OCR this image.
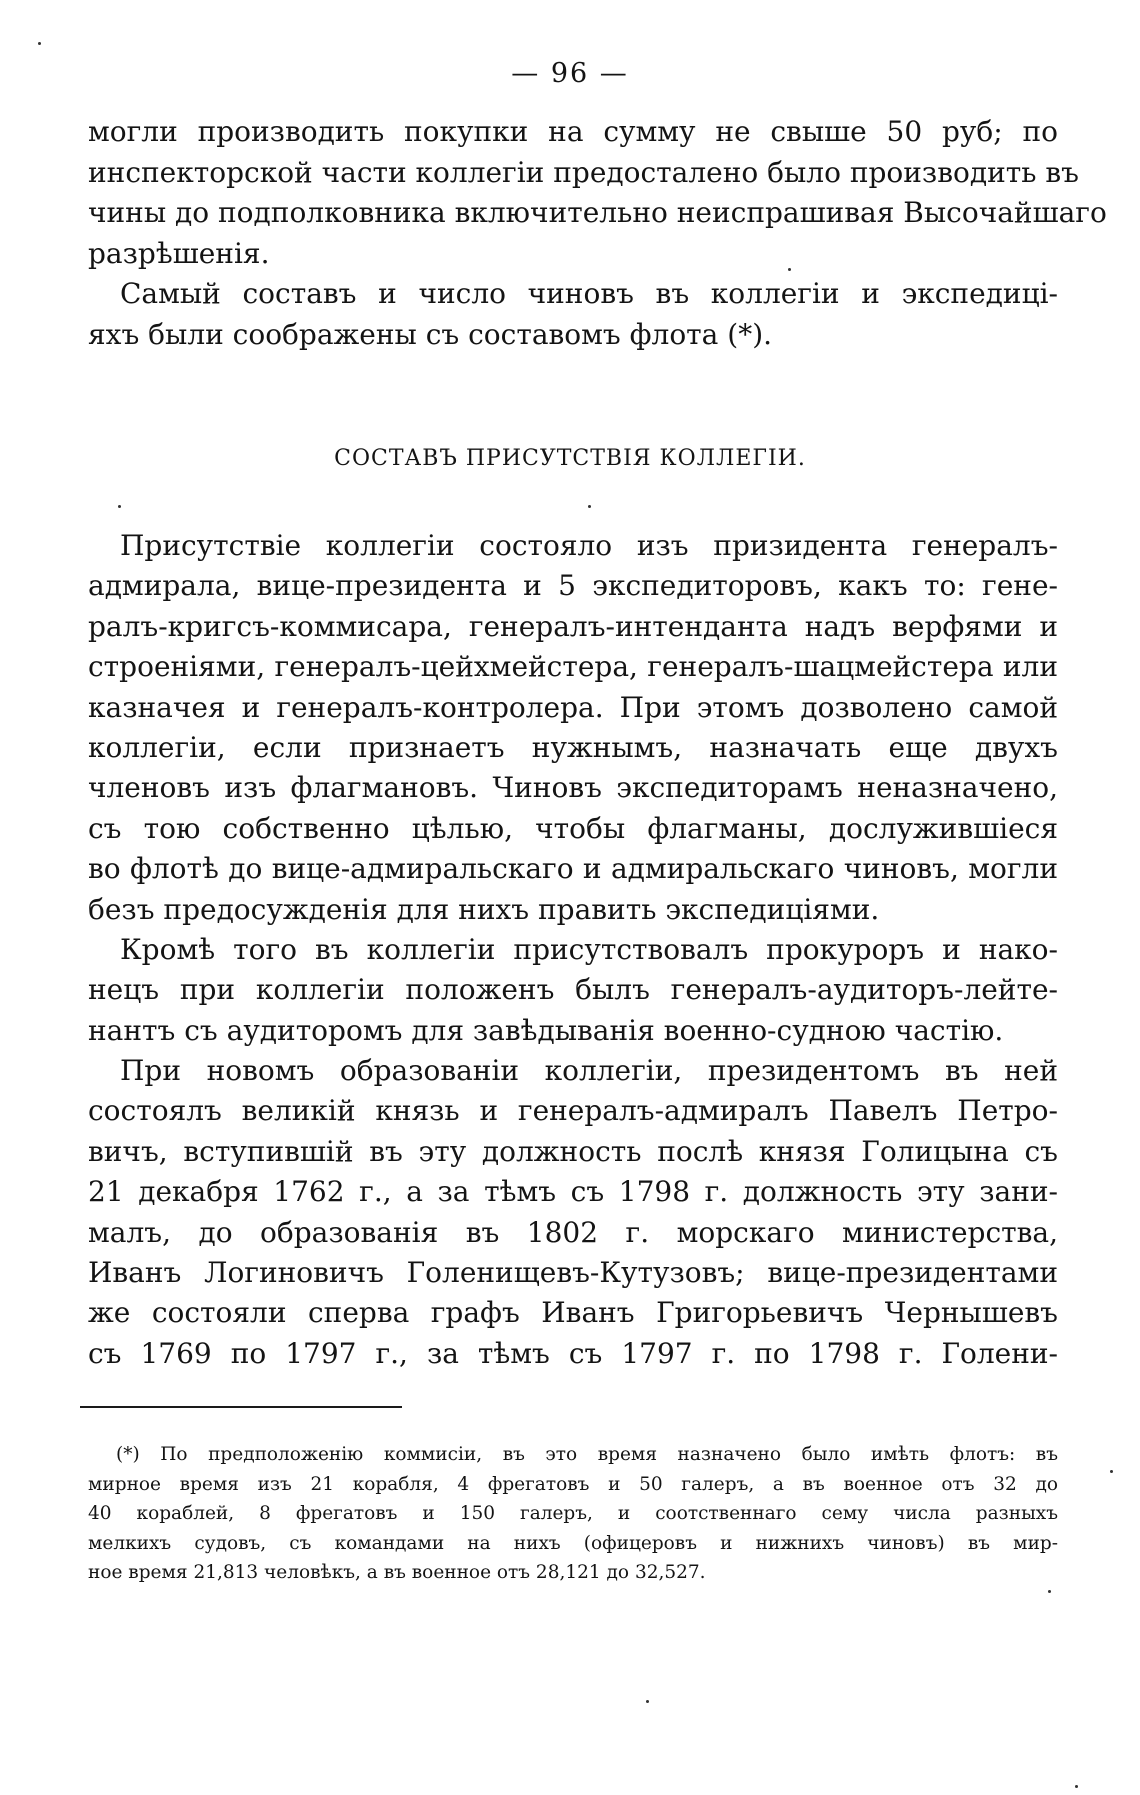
— 96 —
могли производить покупки на сумму не свыше 50 руб; по
инспекторской части коллегіи предосталено было производить въ
чины до подполковника включительно неиспрашивая Высочайшаго
разрѣшенія.
Самый составъ и число чиновъ въ коллегіи и экспедиці-
яхъ были соображены съ составомъ флота (*).
СОСТАВЪ ПРИСУТСТВІЯ КОЛЛЕГІИ.
Присутствіе коллегіи состояло изъ призидента генералъ-
адмирала, вице-президента и 5 экспедиторовъ, какъ то: гене-
ралъ-кригсъ-коммисара, генералъ-интенданта надъ верфями и
строеніями, генералъ-цейхмейстера, генералъ-шацмейстера или
казначея и генералъ-контролера. При этомъ дозволено самой
коллегіи, если признаетъ нужнымъ, назначать еще двухъ
членовъ изъ флагмановъ. Чиновъ экспедиторамъ неназначено,
съ тою собственно цѣлью, чтобы флагманы, дослужившіеся
во флотѣ до вице-адмиральскаго и адмиральскаго чиновъ, могли
безъ предосужденія для нихъ править экспедиціями.
Кромѣ того въ коллегіи присутствовалъ прокуроръ и нако-
нецъ при коллегіи положенъ былъ генералъ-аудиторъ-лейте-
нантъ съ аудиторомъ для завѣдыванія военно-судною частію.
При новомъ образованіи коллегіи, президентомъ въ ней
состоялъ великій князь и генералъ-адмиралъ Павелъ Петро-
вичъ, вступившій въ эту должность послѣ князя Голицына съ
21 декабря 1762 г., а за тѣмъ съ 1798 г. должность эту зани-
малъ, до образованія въ 1802 г. морскаго министерства,
Иванъ Логиновичъ Голенищевъ-Кутузовъ; вице-президентами
же состояли сперва графъ Иванъ Григорьевичъ Чернышевъ
съ 1769 по 1797 г., за тѣмъ съ 1797 г. по 1798 г. Голени-
(*) По предположенію коммисіи, въ это время назначено было имѣть флотъ: въ
мирное время изъ 21 корабля, 4 фрегатовъ и 50 галеръ, а въ военное отъ 32 до
40 кораблей, 8 фрегатовъ и 150 галеръ, и соотственнаго сему числа разныхъ
мелкихъ судовъ, съ командами на нихъ (офицеровъ и нижнихъ чиновъ) въ мир-
ное время 21,813 человѣкъ, а въ военное отъ 28,121 до 32,527.
